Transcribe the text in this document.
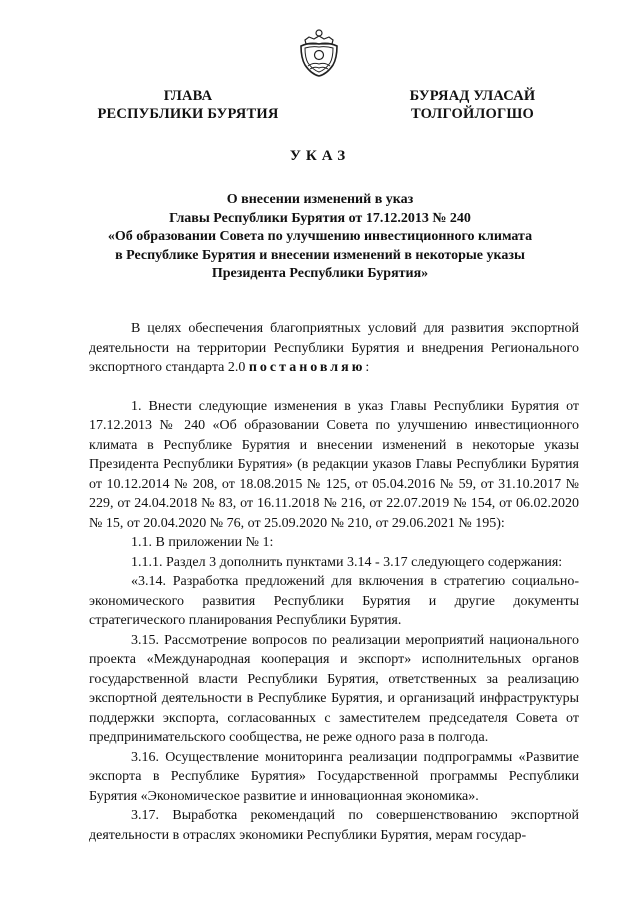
ГЛАВА
РЕСПУБЛИКИ БУРЯТИЯ
БУРЯАД УЛАСАЙ
ТОЛГОЙЛОГШО
УКАЗ
О внесении изменений в указ
Главы Республики Бурятия от 17.12.2013 № 240
«Об образовании Совета по улучшению инвестиционного климата
в Республике Бурятия и внесении изменений в некоторые указы
Президента Республики Бурятия»

В целях обеспечения благоприятных условий для развития экспортной деятельности на территории Республики Бурятия и внедрения Регионального экспортного стандарта 2.0 постановляю:

1. Внести следующие изменения в указ Главы Республики Бурятия от 17.12.2013 № 240 «Об образовании Совета по улучшению инвестиционного климата в Республике Бурятия и внесении изменений в некоторые указы Президента Республики Бурятия» (в редакции указов Главы Республики Бурятия от 10.12.2014 № 208, от 18.08.2015 № 125, от 05.04.2016 № 59, от 31.10.2017 № 229, от 24.04.2018 № 83, от 16.11.2018 № 216, от 22.07.2019 № 154, от 06.02.2020 № 15, от 20.04.2020 № 76, от 25.09.2020 № 210, от 29.06.2021 № 195):

1.1. В приложении № 1:

1.1.1. Раздел 3 дополнить пунктами 3.14 - 3.17 следующего содержания:

«3.14. Разработка предложений для включения в стратегию социально-экономического развития Республики Бурятия и другие документы стратегического планирования Республики Бурятия.

3.15. Рассмотрение вопросов по реализации мероприятий национального проекта «Международная кооперация и экспорт» исполнительных органов государственной власти Республики Бурятия, ответственных за реализацию экспортной деятельности в Республике Бурятия, и организаций инфраструктуры поддержки экспорта, согласованных с заместителем председателя Совета от предпринимательского сообщества, не реже одного раза в полгода.

3.16. Осуществление мониторинга реализации подпрограммы «Развитие экспорта в Республике Бурятия» Государственной программы Республики Бурятия «Экономическое развитие и инновационная экономика».

3.17. Выработка рекомендаций по совершенствованию экспортной деятельности в отраслях экономики Республики Бурятия, мерам государ-
